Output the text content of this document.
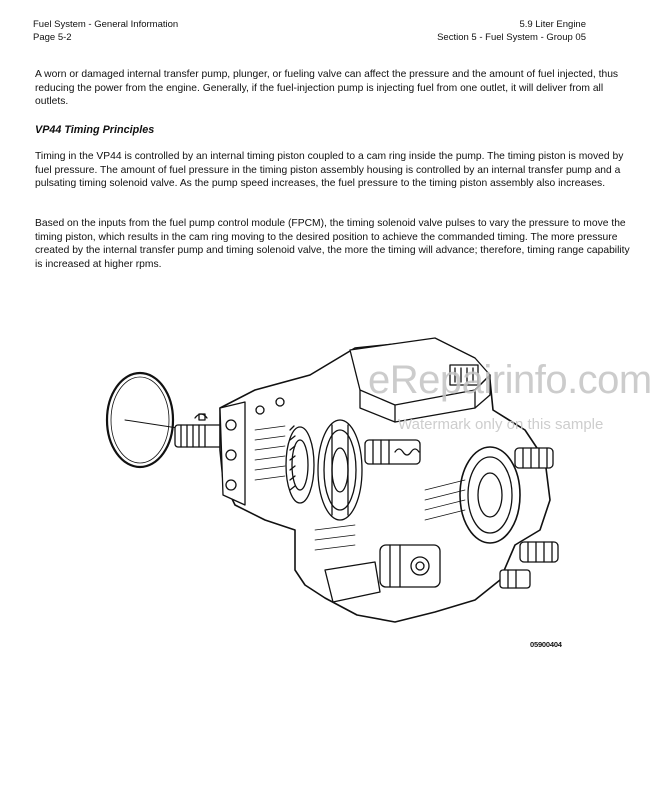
Fuel System - General Information
Page 5-2
5.9 Liter Engine
Section 5 - Fuel System - Group 05

A worn or damaged internal transfer pump, plunger, or fueling valve can affect the pressure and the amount of fuel injected, thus reducing the power from the engine. Generally, if the fuel-injection pump is injecting fuel from one outlet, it will deliver from all outlets.

VP44 Timing Principles

Timing in the VP44 is controlled by an internal timing piston coupled to a cam ring inside the pump. The timing piston is moved by fuel pressure. The amount of fuel pressure in the timing piston assembly housing is controlled by an internal transfer pump and a pulsating timing solenoid valve. As the pump speed increases, the fuel pressure to the timing piston assembly also increases.

Based on the inputs from the fuel pump control module (FPCM), the timing solenoid valve pulses to vary the pressure to move the timing piston, which results in the cam ring moving to the desired position to achieve the commanded timing. The more pressure created by the internal transfer pump and timing solenoid valve, the more the timing will advance; therefore, timing range capability is increased at higher rpms.

eRepairinfo.com
Watermark only on this sample
05900404
